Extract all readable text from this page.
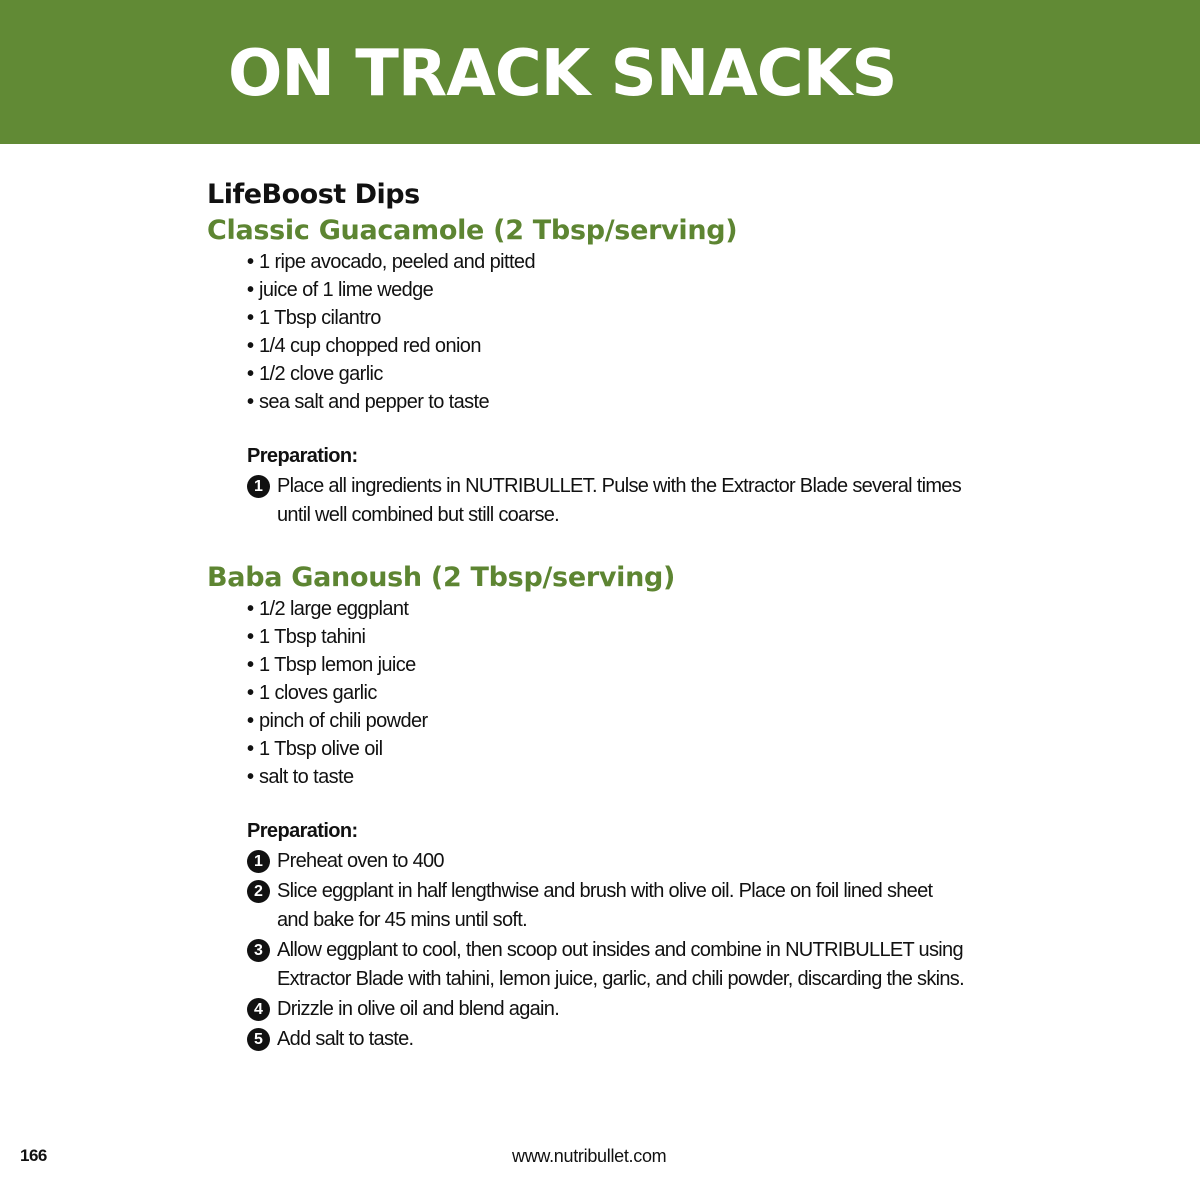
ON TRACK SNACKS
LifeBoost Dips
Classic Guacamole (2 Tbsp/serving)
• 1 ripe avocado, peeled and pitted
• juice of 1 lime wedge
• 1 Tbsp cilantro
• 1/4 cup chopped red onion
• 1/2 clove garlic
• sea salt and pepper to taste
Preparation:
1 Place all ingredients in NUTRIBULLET. Pulse with the Extractor Blade several times until well combined but still coarse.
Baba Ganoush (2 Tbsp/serving)
• 1/2 large eggplant
• 1 Tbsp tahini
• 1 Tbsp lemon juice
• 1 cloves garlic
• pinch of chili powder
• 1 Tbsp olive oil
• salt to taste
Preparation:
1 Preheat oven to 400
2 Slice eggplant in half lengthwise and brush with olive oil. Place on foil lined sheet and bake for 45 mins until soft.
3 Allow eggplant to cool, then scoop out insides and combine in NUTRIBULLET using Extractor Blade with tahini, lemon juice, garlic, and chili powder, discarding the skins.
4 Drizzle in olive oil and blend again.
5 Add salt to taste.
166	www.nutribullet.com
